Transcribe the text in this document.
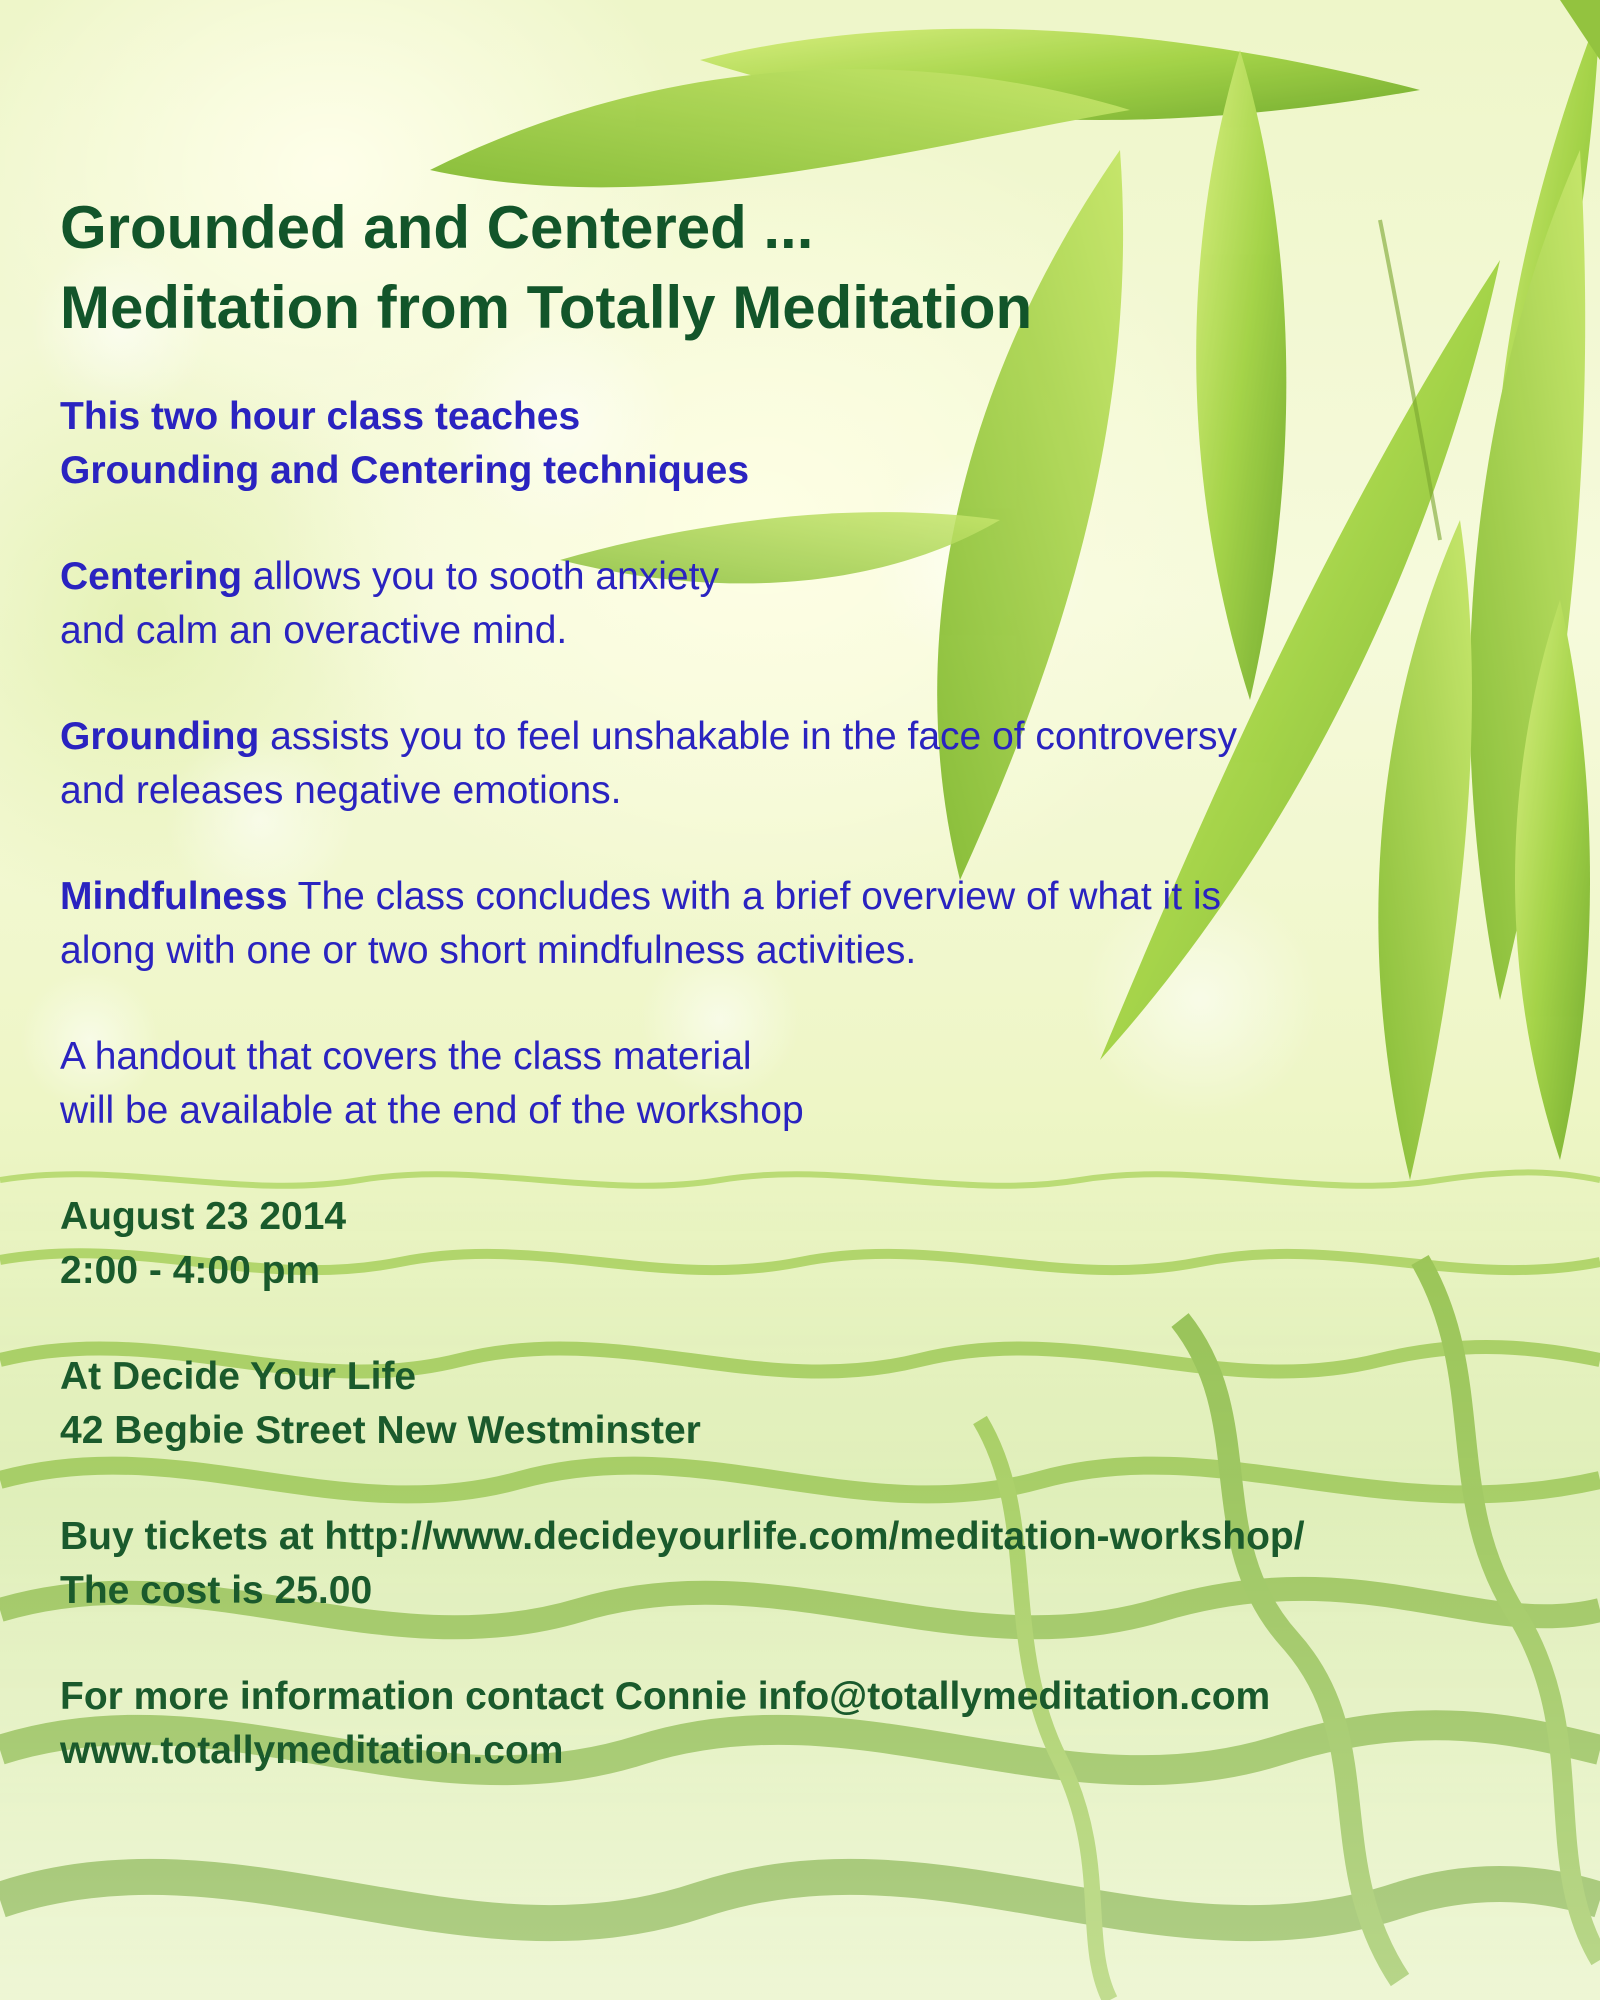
Grounded and Centered ...
Meditation from Totally Meditation

This two hour class teaches
Grounding and Centering techniques

Centering allows you to sooth anxiety
and calm an overactive mind.

Grounding assists you to feel unshakable in the face of controversy
and releases negative emotions.

Mindfulness The class concludes with a brief overview of what it is
along with one or two short mindfulness activities.

A handout that covers the class material
will be available at the end of the workshop

August 23 2014
2:00 - 4:00 pm

At Decide Your Life
42 Begbie Street New Westminster

Buy tickets at http://www.decideyourlife.com/meditation-workshop/
The cost is 25.00

For more information contact Connie info@totallymeditation.com
www.totallymeditation.com
